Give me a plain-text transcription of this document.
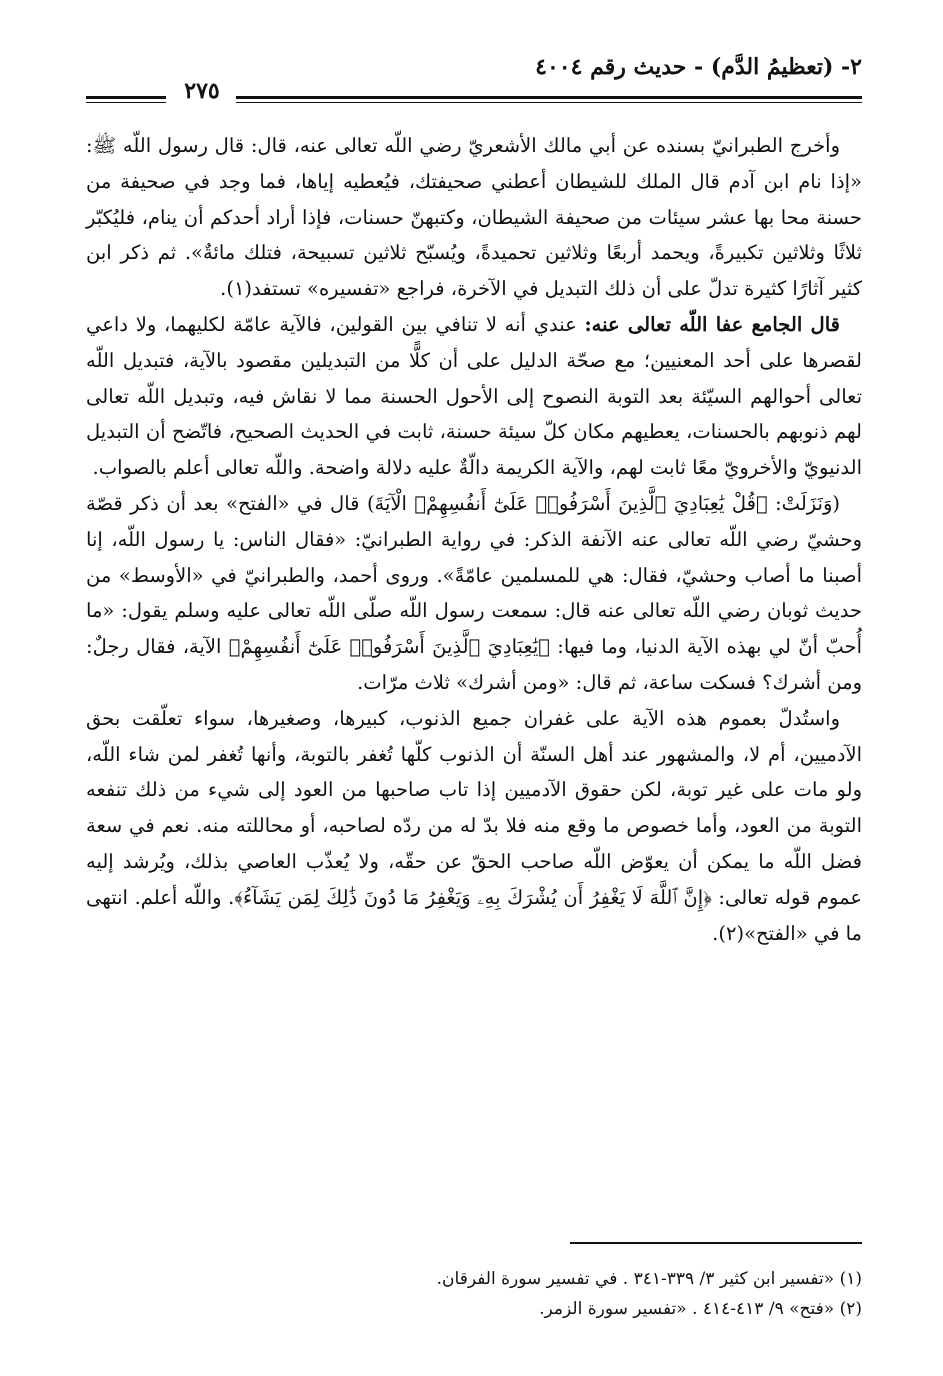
٢- (تعظيمُ الدَّم) - حديث رقم ٤٠٠٤
٢٧٥

وأخرج الطبرانيّ بسنده عن أبي مالك الأشعريّ رضي اللّه تعالى عنه، قال: قال رسول اللّه ﷺ: «إذا نام ابن آدم قال الملك للشيطان أعطني صحيفتك، فيُعطيه إياها، فما وجد في صحيفة من حسنة محا بها عشر سيئات من صحيفة الشيطان، وكتبهنّ حسنات، فإذا أراد أحدكم أن ينام، فليُكبّر ثلاثًا وثلاثين تكبيرةً، ويحمد أربعًا وثلاثين تحميدةً، ويُسبّح ثلاثين تسبيحة، فتلك مائةٌ». ثم ذكر ابن كثير آثارًا كثيرة تدلّ على أن ذلك التبديل في الآخرة، فراجع «تفسيره» تستفد(١).

قال الجامع عفا اللّه تعالى عنه: عندي أنه لا تنافي بين القولين، فالآية عامّة لكليهما، ولا داعي لقصرها على أحد المعنيين؛ مع صحّة الدليل على أن كلًّا من التبديلين مقصود بالآية، فتبديل اللّه تعالى أحوالهم السيّئة بعد التوبة النصوح إلى الأحول الحسنة مما لا نقاش فيه، وتبديل اللّه تعالى لهم ذنوبهم بالحسنات، يعطيهم مكان كلّ سيئة حسنة، ثابت في الحديث الصحيح، فاتّضح أن التبديل الدنيويّ والأخرويّ معًا ثابت لهم، والآية الكريمة دالّةٌ عليه دلالة واضحة. واللّه تعالى أعلم بالصواب.

(وَنَزَلَتْ: ﴿قُلْ يَٰعِبَادِيَ ٱلَّذِينَ أَسْرَفُوا۟ عَلَىٰٓ أَنفُسِهِمْ﴾ الْآيَةَ) قال في «الفتح» بعد أن ذكر قصّة وحشيّ رضي اللّه تعالى عنه الآنفة الذكر: في رواية الطبرانيّ: «فقال الناس: يا رسول اللّه، إنا أصبنا ما أصاب وحشيّ، فقال: هي للمسلمين عامّةً». وروى أحمد، والطبرانيّ في «الأوسط» من حديث ثوبان رضي اللّه تعالى عنه قال: سمعت رسول اللّه صلّى اللّه تعالى عليه وسلم يقول: «ما أُحبّ أنّ لي بهذه الآية الدنيا، وما فيها: ﴿يَٰعِبَادِيَ ٱلَّذِينَ أَسْرَفُوا۟ عَلَىٰٓ أَنفُسِهِمْ﴾ الآية، فقال رجلٌ: ومن أشرك؟ فسكت ساعة، ثم قال: «ومن أشرك» ثلاث مرّات.

واستُدلّ بعموم هذه الآية على غفران جميع الذنوب، كبيرها، وصغيرها، سواء تعلّقت بحق الآدميين، أم لا، والمشهور عند أهل السنّة أن الذنوب كلّها تُغفر بالتوبة، وأنها تُغفر لمن شاء اللّه، ولو مات على غير توبة، لكن حقوق الآدميين إذا تاب صاحبها من العود إلى شيء من ذلك تنفعه التوبة من العود، وأما خصوص ما وقع منه فلا بدّ له من ردّه لصاحبه، أو محاللته منه. نعم في سعة فضل اللّه ما يمكن أن يعوّض اللّه صاحب الحقّ عن حقّه، ولا يُعذّب العاصي بذلك، ويُرشد إليه عموم قوله تعالى: ﴿إِنَّ ٱللَّهَ لَا يَغْفِرُ أَن يُشْرَكَ بِهِۦ وَيَغْفِرُ مَا دُونَ ذَٰلِكَ لِمَن يَشَآءُ﴾. واللّه أعلم. انتهى ما في «الفتح»(٢).

(١) «تفسير ابن كثير ٣/ ٣٣٩-٣٤١ . في تفسير سورة الفرقان.
(٢) «فتح» ٩/ ٤١٣-٤١٤ . «تفسير سورة الزمر.
